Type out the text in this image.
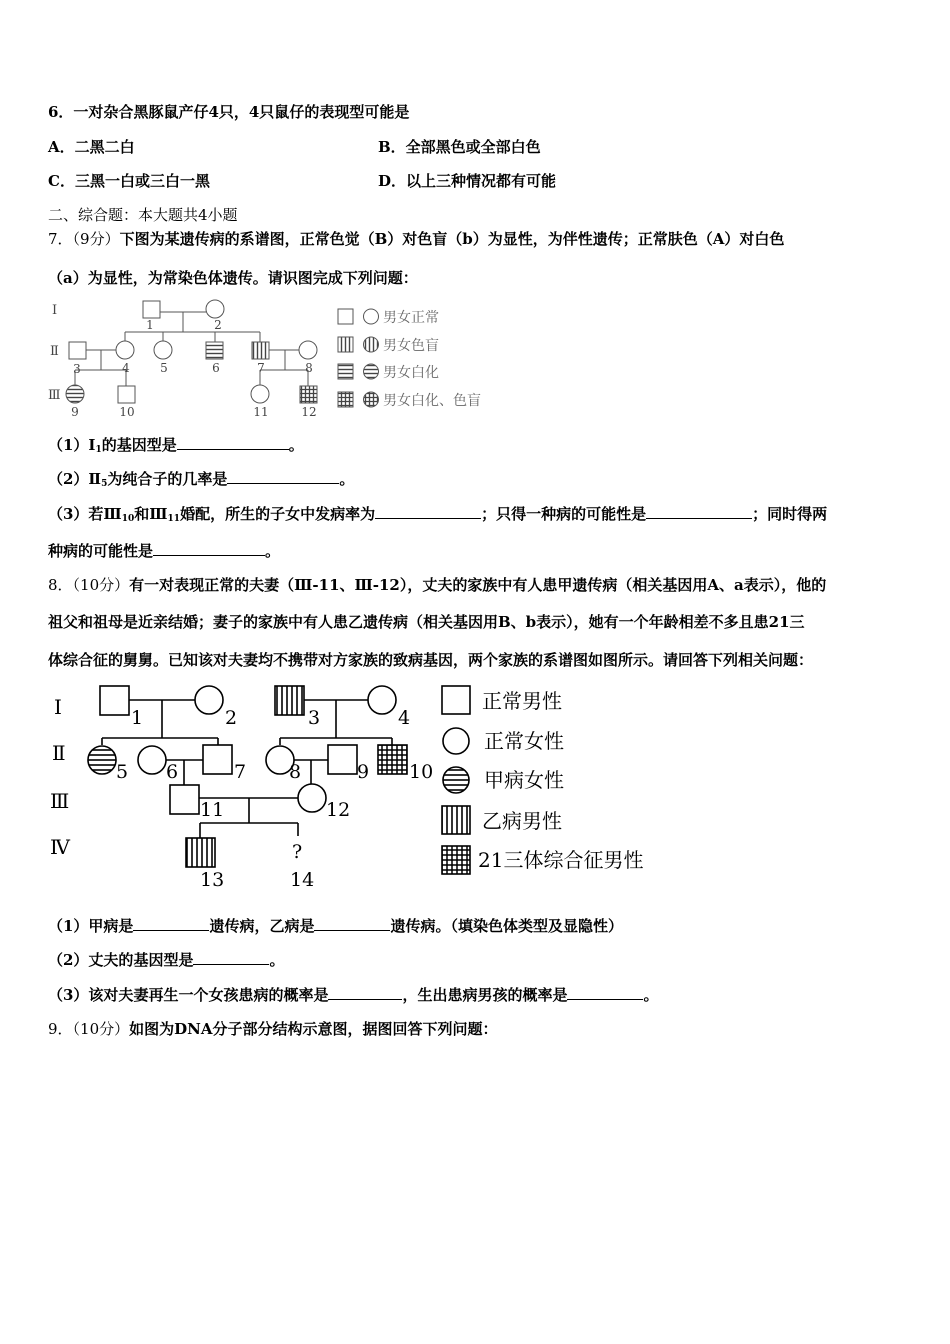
6．一对杂合黑豚鼠产仔4只，4只鼠仔的表现型可能是
A．二黑二白	B．全部黑色或全部白色
C．三黑一白或三白一黑	D．以上三种情况都有可能
二、综合题：本大题共4小题
7．（9分）下图为某遗传病的系谱图，正常色觉（B）对色盲（b）为显性，为伴性遗传；正常肤色（A）对白色
（a）为显性，为常染色体遗传。请识图完成下列问题：
Ⅰ
Ⅱ
Ⅲ
1	2
3	4	5	6	7	8
9	10	11	12
男女正常
男女色盲
男女白化
男女白化、色盲
$(1)Ⅰ_1$的基因型是	。
$(2)Ⅱ_5$为纯合子的几率是	。
（3）若$Ⅲ_{10}$和$Ⅲ_{11}$婚配，所生的子女中发病率为	；只得一种病的可能性是	；同时得两
种病的可能性是	。
8．（10分）有一对表现正常的夫妻（Ⅲ-11、Ⅲ-12），丈夫的家族中有人患甲遗传病（相关基因用A、a表示），他的
祖父和祖母是近亲结婚；妻子的家族中有人患乙遗传病（相关基因用B、b表示），她有一个年龄相差不多且患21三
体综合征的舅舅。已知该对夫妻均不携带对方家族的致病基因，两个家族的系谱图如图所示。请回答下列相关问题：
Ⅰ
Ⅱ
Ⅲ
Ⅳ
1	2	3	4
5 6	7 8	9 10
11	12
13	14
?
正常男性
正常女性
甲病女性
乙病男性
21三体综合征男性
（1）甲病是	遗传病，乙病是	遗传病。（填染色体类型及显隐性）
（2）丈夫的基因型是	。
（3）该对夫妻再生一个女孩患病的概率是	，生出患病男孩的概率是	。
9．（10分）如图为DNA分子部分结构示意图，据图回答下列问题：
